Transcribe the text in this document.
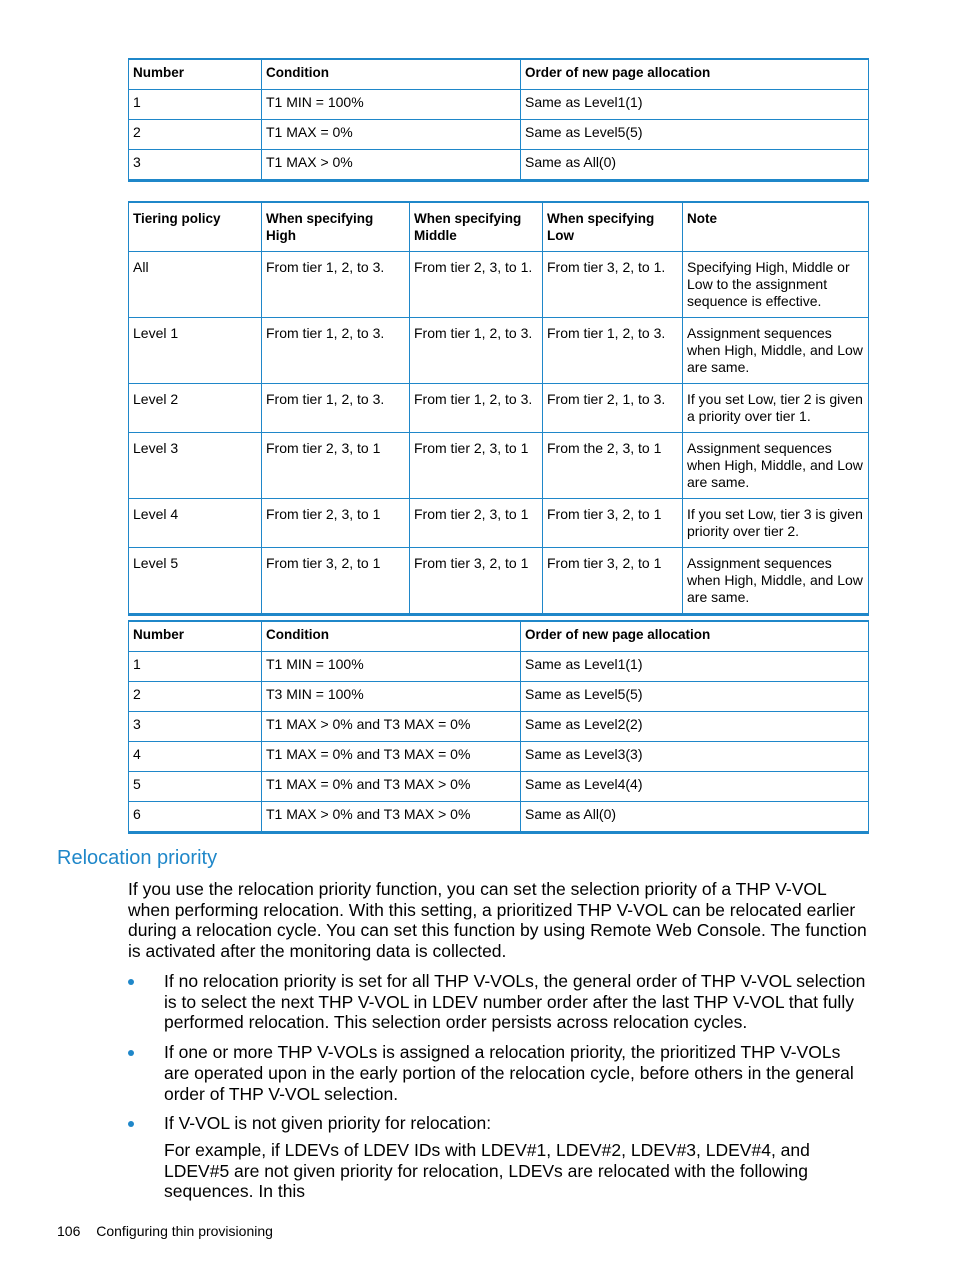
Number	Condition	Order of new page allocation
1	T1 MIN = 100%	Same as Level1(1)
2	T1 MAX = 0%	Same as Level5(5)
3	T1 MAX > 0%	Same as All(0)
Tiering policy	When specifying High	When specifying Middle	When specifying Low	Note
All	From tier 1, 2, to 3.	From tier 2, 3, to 1.	From tier 3, 2, to 1.	Specifying High, Middle or Low to the assignment sequence is effective.
Level 1	From tier 1, 2, to 3.	From tier 1, 2, to 3.	From tier 1, 2, to 3.	Assignment sequences when High, Middle, and Low are same.
Level 2	From tier 1, 2, to 3.	From tier 1, 2, to 3.	From tier 2, 1, to 3.	If you set Low, tier 2 is given a priority over tier 1.
Level 3	From tier 2, 3, to 1	From tier 2, 3, to 1	From the 2, 3, to 1	Assignment sequences when High, Middle, and Low are same.
Level 4	From tier 2, 3, to 1	From tier 2, 3, to 1	From tier 3, 2, to 1	If you set Low, tier 3 is given priority over tier 2.
Level 5	From tier 3, 2, to 1	From tier 3, 2, to 1	From tier 3, 2, to 1	Assignment sequences when High, Middle, and Low are same.
Number	Condition	Order of new page allocation
1	T1 MIN = 100%	Same as Level1(1)
2	T3 MIN = 100%	Same as Level5(5)
3	T1 MAX > 0% and T3 MAX = 0%	Same as Level2(2)
4	T1 MAX = 0% and T3 MAX = 0%	Same as Level3(3)
5	T1 MAX = 0% and T3 MAX > 0%	Same as Level4(4)
6	T1 MAX > 0% and T3 MAX > 0%	Same as All(0)
Relocation priority

If you use the relocation priority function, you can set the selection priority of a THP V-VOL when performing relocation. With this setting, a prioritized THP V-VOL can be relocated earlier during a relocation cycle. You can set this function by using Remote Web Console. The function is activated after the monitoring data is collected.

If no relocation priority is set for all THP V-VOLs, the general order of THP V-VOL selection is to select the next THP V-VOL in LDEV number order after the last THP V-VOL that fully performed relocation. This selection order persists across relocation cycles.
If one or more THP V-VOLs is assigned a relocation priority, the prioritized THP V-VOLs are operated upon in the early portion of the relocation cycle, before others in the general order of THP V-VOL selection.
If V-VOL is not given priority for relocation:

For example, if LDEVs of LDEV IDs with LDEV#1, LDEV#2, LDEV#3, LDEV#4, and LDEV#5 are not given priority for relocation, LDEVs are relocated with the following sequences. In this

106 Configuring thin provisioning
